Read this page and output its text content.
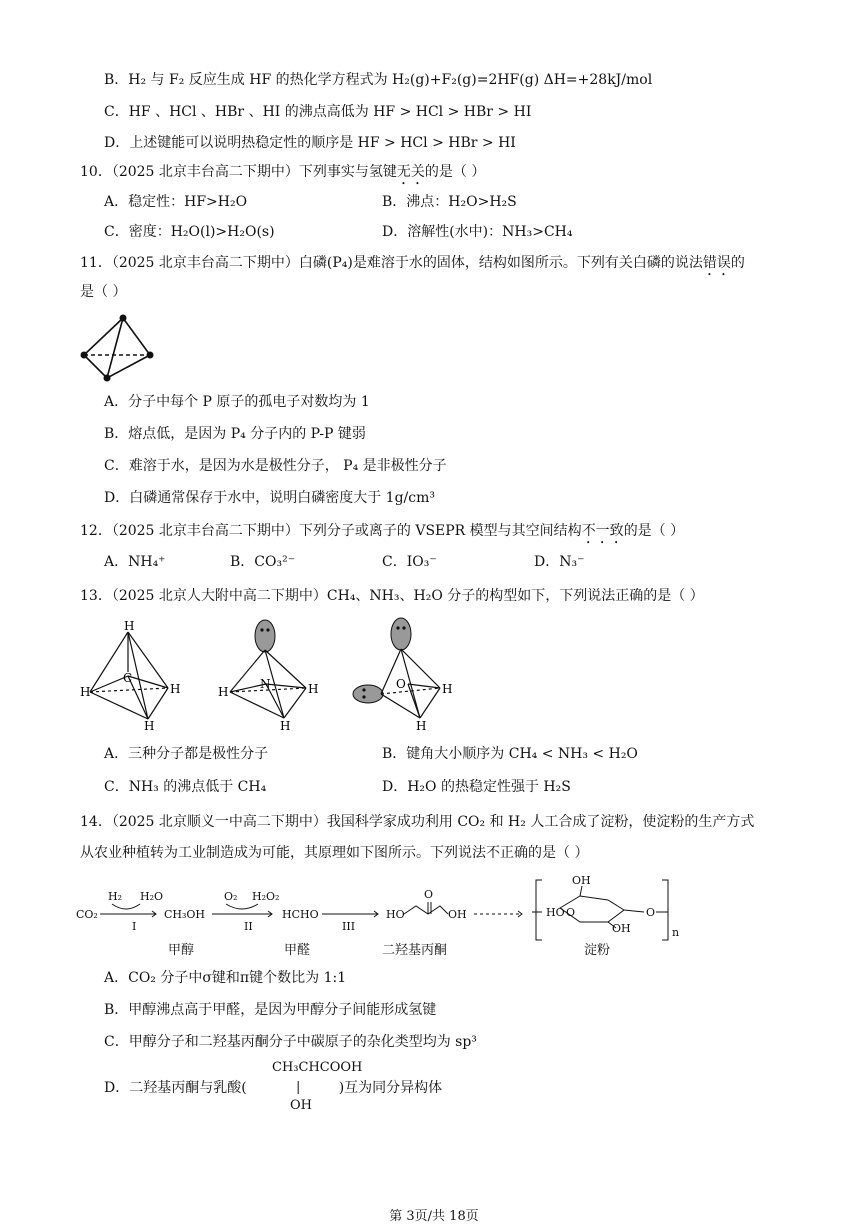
B．H₂ 与 F₂ 反应生成 HF 的热化学方程式为 H₂(g)+F₂(g)=2HF(g) ΔH=+28kJ/mol
C．HF 、HCl 、HBr 、HI 的沸点高低为 HF > HCl > HBr > HI
D．上述键能可以说明热稳定性的顺序是 HF > HCl > HBr > HI
10．（2025 北京丰台高二下期中）下列事实与氢键无关的是（ ）
A．稳定性：HF>H₂O	B．沸点：H₂O>H₂S
C．密度：H₂O(l)>H₂O(s)	D．溶解性(水中)：NH₃>CH₄
11．（2025 北京丰台高二下期中）白磷(P₄)是难溶于水的固体，结构如图所示。下列有关白磷的说法错误的
是（ ）
A．分子中每个 P 原子的孤电子对数均为 1
B．熔点低，是因为 P₄ 分子内的 P-P 键弱
C．难溶于水，是因为水是极性分子， P₄ 是非极性分子
D．白磷通常保存于水中，说明白磷密度大于 1g/cm³
12．（2025 北京丰台高二下期中）下列分子或离子的 VSEPR 模型与其空间结构不一致的是（ ）
A．NH₄⁺	B．CO₃²⁻	C．IO₃⁻	D．N₃⁻
13．（2025 北京人大附中高二下期中）CH₄、NH₃、H₂O 分子的构型如下，下列说法正确的是（ ）
H
C
H	H
H
N
H	H
H
O	H
H
A．三种分子都是极性分子	B．键角大小顺序为 CH₄ < NH₃ < H₂O
C．NH₃ 的沸点低于 CH₄	D．H₂O 的热稳定性强于 H₂S
14．（2025 北京顺义一中高二下期中）我国科学家成功利用 CO₂ 和 H₂ 人工合成了淀粉，使淀粉的生产方式
从农业种植转为工业制造成为可能，其原理如下图所示。下列说法不正确的是（ ）
CO₂
H₂ H₂O
I
CH₃OH
O₂ H₂O₂
II
HCHO
III
HO
O
OH
OH
O
HO
OH
O
n
甲醇	甲醛	二羟基丙酮	淀粉
A．CO₂ 分子中σ键和π键个数比为 1:1
B．甲醇沸点高于甲醛，是因为甲醇分子间能形成氢键
C．甲醇分子和二羟基丙酮分子中碳原子的杂化类型均为 sp³
D．二羟基丙酮与乳酸(	)互为同分异构体
CH₃CHCOOH
|
OH
第 3页/共 18页
